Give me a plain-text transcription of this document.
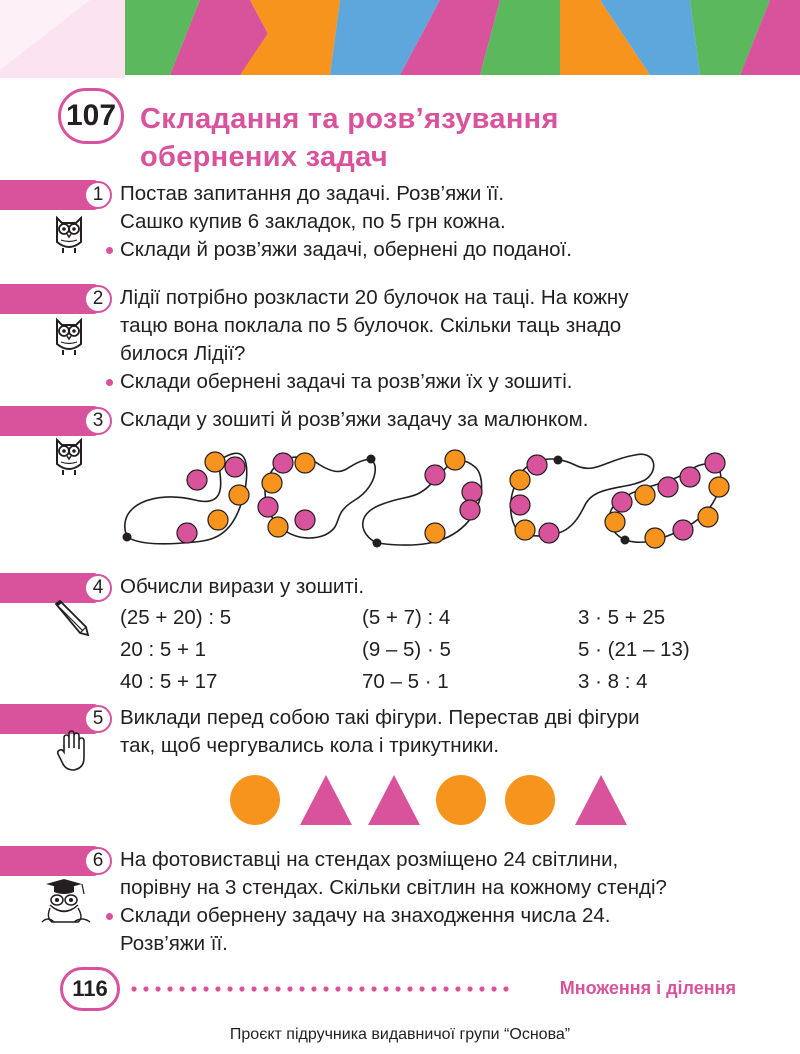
107 Складання та розв’язування
обернених задач
1 Постав запитання до задачі. Розв’яжи її.
Сашко купив 6 закладок, по 5 грн кожна.
Склади й розв’яжи задачі, обернені до поданої.
2 Лідії потрібно розкласти 20 булочок на таці. На кожну
тацю вона поклала по 5 булочок. Скільки таць знадо
билося Лідії?
Склади обернені задачі та розв’яжи їх у зошиті.
3 Склади у зошиті й розв’яжи задачу за малюнком.
4 Обчисли вирази у зошиті.
(25 + 20) : 5	(5 + 7) : 4	3 · 5 + 25
20 : 5 + 1	(9 – 5) · 5	5 · (21 – 13)
40 : 5 + 17	70 – 5 · 1	3 · 8 : 4
5 Виклади перед собою такі фігури. Перестав дві фігури
так, щоб чергувались кола і трикутники.
6 На фотовиставці на стендах розміщено 24 світлини,
порівну на 3 стендах. Скільки світлин на кожному стенді?
Склади обернену задачу на знаходження числа 24.
Розв’яжи її.
116	Множення і ділення
Проєкт підручника видавничої групи “Основа”
